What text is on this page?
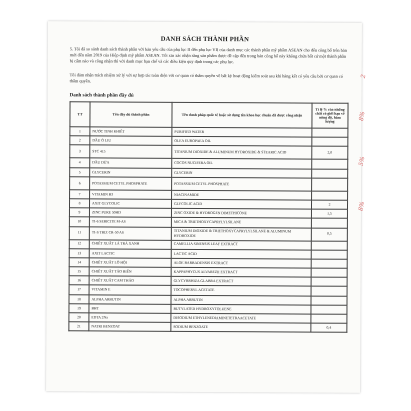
DANH SÁCH THÀNH PHẦN
5. Tôi đã so sánh danh sách thành phần với bản yêu cầu của phụ lục II đến phụ lục VII của danh mục các thành phần mỹ phẩm ASEAN cho đến công bố trên bản mới đến năm 2019 của Hiệp định mỹ phẩm ASEAN. Tôi xin xác nhận rằng sản phẩm được đề cập đến trong bản công bố này không chứa bất cứ một thành phần bị cấm nào và công nhận thì với danh mục hạn chế và các điều kiện quy định trong các phụ lục.
Tôi đảm nhận trách nhiệm xử lý với sự hợp tác toàn diện với cơ quan có thẩm quyền về bất kỳ hoạt động kiểm soát sau khi hàng kết có yêu cầu bởi cơ quan có thẩm quyền.
Danh sách thành phần đầy đủ
TT	Tên đầy đủ thành phần	Tên danh pháp quốc tế hoặc sử dụng tên khoa học chuẩn đã được công nhận	Tỉ lệ % của những chất có giới hạn về nồng độ, hàm lượng
1	NƯỚC TINH KHIẾT	PURIFIED WATER	
2	DẦU Ô LIU	OLEA EUROPAEA OIL	
3	STC 415	TITANIUM DIOXIDE & ALUMINUM HYDROXIDE & STEARIC ACID	2,0
4	DẦU DỪA	COCOS NUCIFERA OIL	
5	GLYCERIN	GLYCERIN	
6	POTASSIUM CETYL PHOSPHATE	POTASSIUM CETYL PHOSPHATE	
7	VITAMIN B3	NIACINAMIDE	
8	AXIT GLYCOLIC	GLYCOLIC ACID	2
9	ZINC PURE 50HD	ZINC OXIDE & HYDROGEN DIMETHICONE	1,5
10	TI-6 SERICITE M-AS	MICA & TRIETHOXYCAPRYLYLSILANE	
11	TI-S TRIZ CR-50 AS	TITANIUM DIOXIDE & TRIETHOXYCAPRYLYLSILANE & ALUMINUM HYDROXIDE	0,5
12	CHIẾT XUẤT LÁ TRÀ XANH	CAMELLIA SINENSIS LEAF EXTRACT	
13	AXIT LACTIC	LACTIC ACID	
14	CHIẾT XUẤT LÔ HỘI	ALOE BARBADENSIS EXTRACT	
15	CHIẾT XUẤT TẢO BIỂN	KAPPAPHYCUS ALVAREZII EXTRACT	
16	CHIẾT XUẤT CAM THẢO	GLYCYRRHIZA GLABRA EXTRACT	
17	VITAMIN E	TOCOPHERYL ACETATE	
18	ALPHA ARBUTIN	ALPHA ARBUTIN	
19	BHT	BUTYLATED HYDROXYTOLUENE	
20	EDTA 2Na	DISODIUM ETHYLENEDIAMINETETRAACETATE	
21	NATRI BENZOAT	SODIUM BENZOATE	0,4
2
8%
5%
8%
